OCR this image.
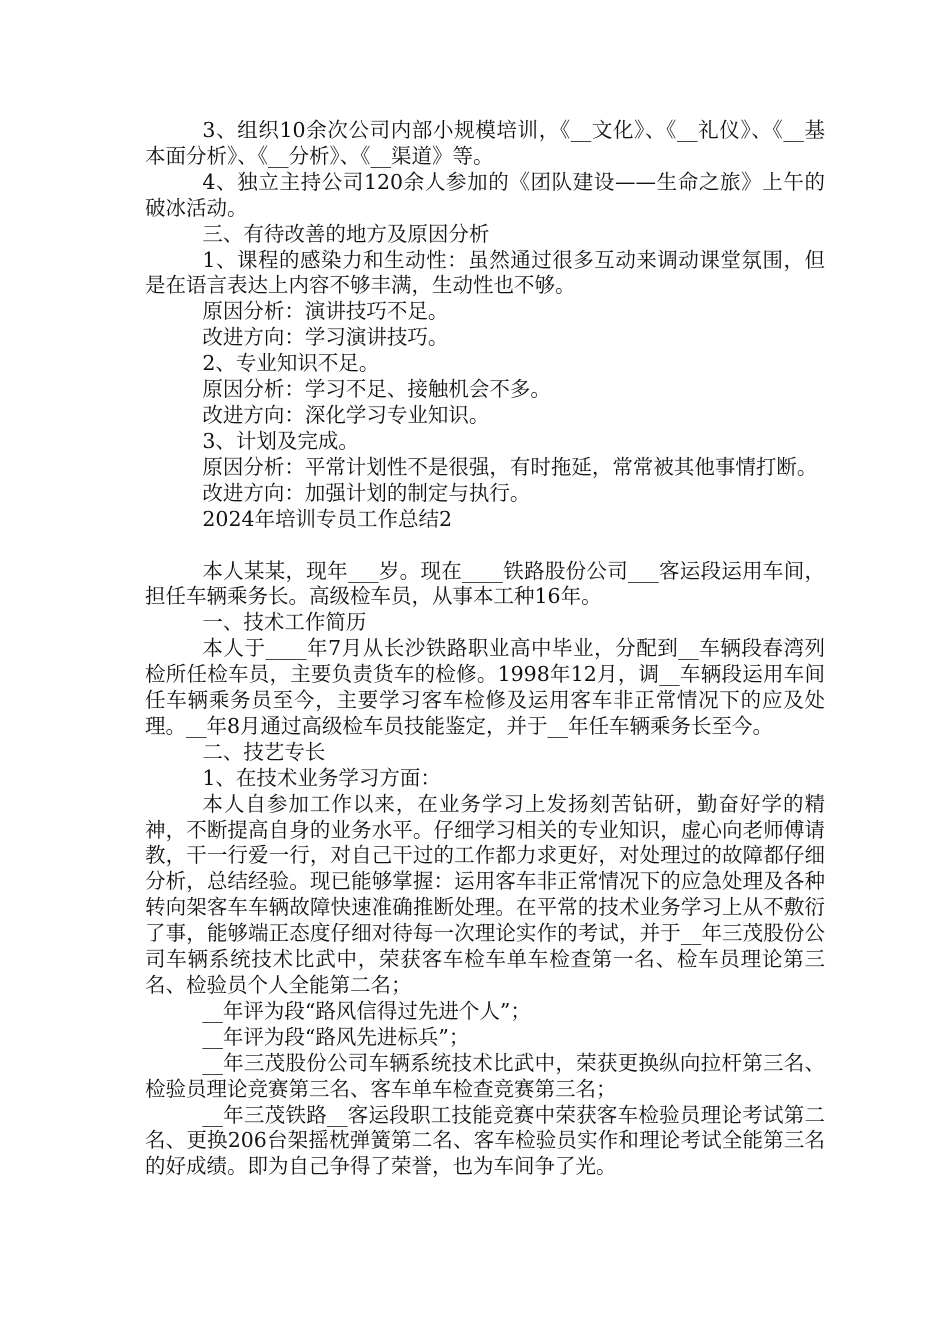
3、组织10余次公司内部小规模培训，《__文化》、《__礼仪》、《__基本面分析》、《__分析》、《__渠道》等。

4、独立主持公司120余人参加的《团队建设——生命之旅》上午的破冰活动。

三、有待改善的地方及原因分析

1、课程的感染力和生动性：虽然通过很多互动来调动课堂氛围，但是在语言表达上内容不够丰满，生动性也不够。

原因分析：演讲技巧不足。

改进方向：学习演讲技巧。

2、专业知识不足。

原因分析：学习不足、接触机会不多。

改进方向：深化学习专业知识。

3、计划及完成。

原因分析：平常计划性不是很强，有时拖延，常常被其他事情打断。

改进方向：加强计划的制定与执行。

2024年培训专员工作总结2

本人某某，现年___岁。现在____铁路股份公司___客运段运用车间，担任车辆乘务长。高级检车员，从事本工种16年。

一、技术工作简历

本人于____年7月从长沙铁路职业高中毕业，分配到__车辆段春湾列检所任检车员，主要负责货车的检修。1998年12月，调__车辆段运用车间任车辆乘务员至今，主要学习客车检修及运用客车非正常情况下的应及处理。__年8月通过高级检车员技能鉴定，并于__年任车辆乘务长至今。

二、技艺专长

1、在技术业务学习方面：

本人自参加工作以来，在业务学习上发扬刻苦钻研，勤奋好学的精神，不断提高自身的业务水平。仔细学习相关的专业知识，虚心向老师傅请教，干一行爱一行，对自己干过的工作都力求更好，对处理过的故障都仔细分析，总结经验。现已能够掌握：运用客车非正常情况下的应急处理及各种转向架客车车辆故障快速准确推断处理。在平常的技术业务学习上从不敷衍了事，能够端正态度仔细对待每一次理论实作的考试，并于__年三茂股份公司车辆系统技术比武中，荣获客车检车单车检查第一名、检车员理论第三名、检验员个人全能第二名；

__年评为段“路风信得过先进个人”；

__年评为段“路风先进标兵”；

__年三茂股份公司车辆系统技术比武中，荣获更换纵向拉杆第三名、检验员理论竞赛第三名、客车单车检查竞赛第三名；

__年三茂铁路__客运段职工技能竞赛中荣获客车检验员理论考试第二名、更换206台架摇枕弹簧第二名、客车检验员实作和理论考试全能第三名的好成绩。即为自己争得了荣誉，也为车间争了光。
